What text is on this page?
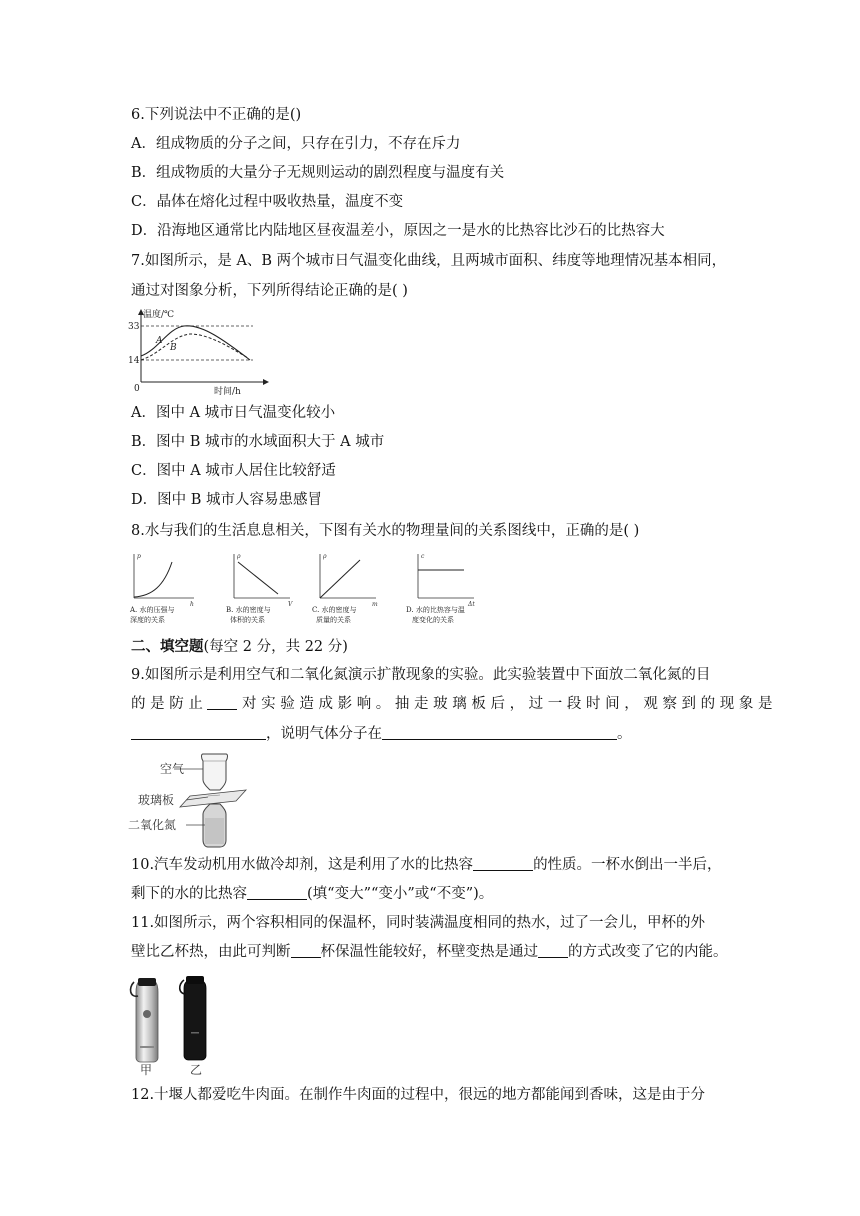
6.下列说法中不正确的是()
A．组成物质的分子之间，只存在引力，不存在斥力
B．组成物质的大量分子无规则运动的剧烈程度与温度有关
C．晶体在熔化过程中吸收热量，温度不变
D．沿海地区通常比内陆地区昼夜温差小，原因之一是水的比热容比沙石的比热容大
7.如图所示，是 A、B 两个城市日气温变化曲线，且两城市面积、纬度等地理情况基本相同，
通过对图象分析，下列所得结论正确的是( )
温度/℃
时间/h
0
33
14
A
B
A．图中 A 城市日气温变化较小
B．图中 B 城市的水域面积大于 A 城市
C．图中 A 城市人居住比较舒适
D．图中 B 城市人容易患感冒
8.水与我们的生活息息相关，下图有关水的物理量间的关系图线中，正确的是( )
p
h
A. 水的压强与
深度的关系
ρ
V
B. 水的密度与
体积的关系
ρ
m
C. 水的密度与
质量的关系
c
Δt
D. 水的比热容与温
度变化的关系
二、填空题(每空 2 分，共 22 分)
9.如图所示是利用空气和二氧化氮演示扩散现象的实验。此实验装置中下面放二氧化氮的目
的 是 防 止	对 实 验 造 成 影 响 。 抽 走 玻 璃 板 后 ， 过 一 段 时 间 ， 观 察 到 的 现 象 是
，说明气体分子在	。
空气
玻璃板
二氧化氮
10.汽车发动机用水做冷却剂，这是利用了水的比热容	的性质。一杯水倒出一半后，
剩下的水的比热容	(填“变大”“变小”或“不变”)。
11.如图所示，两个容积相同的保温杯，同时装满温度相同的热水，过了一会儿，甲杯的外
壁比乙杯热，由此可判断 杯保温性能较好，杯壁变热是通过 的方式改变了它的内能。
甲	乙
12.十堰人都爱吃牛肉面。在制作牛肉面的过程中，很远的地方都能闻到香味，这是由于分
